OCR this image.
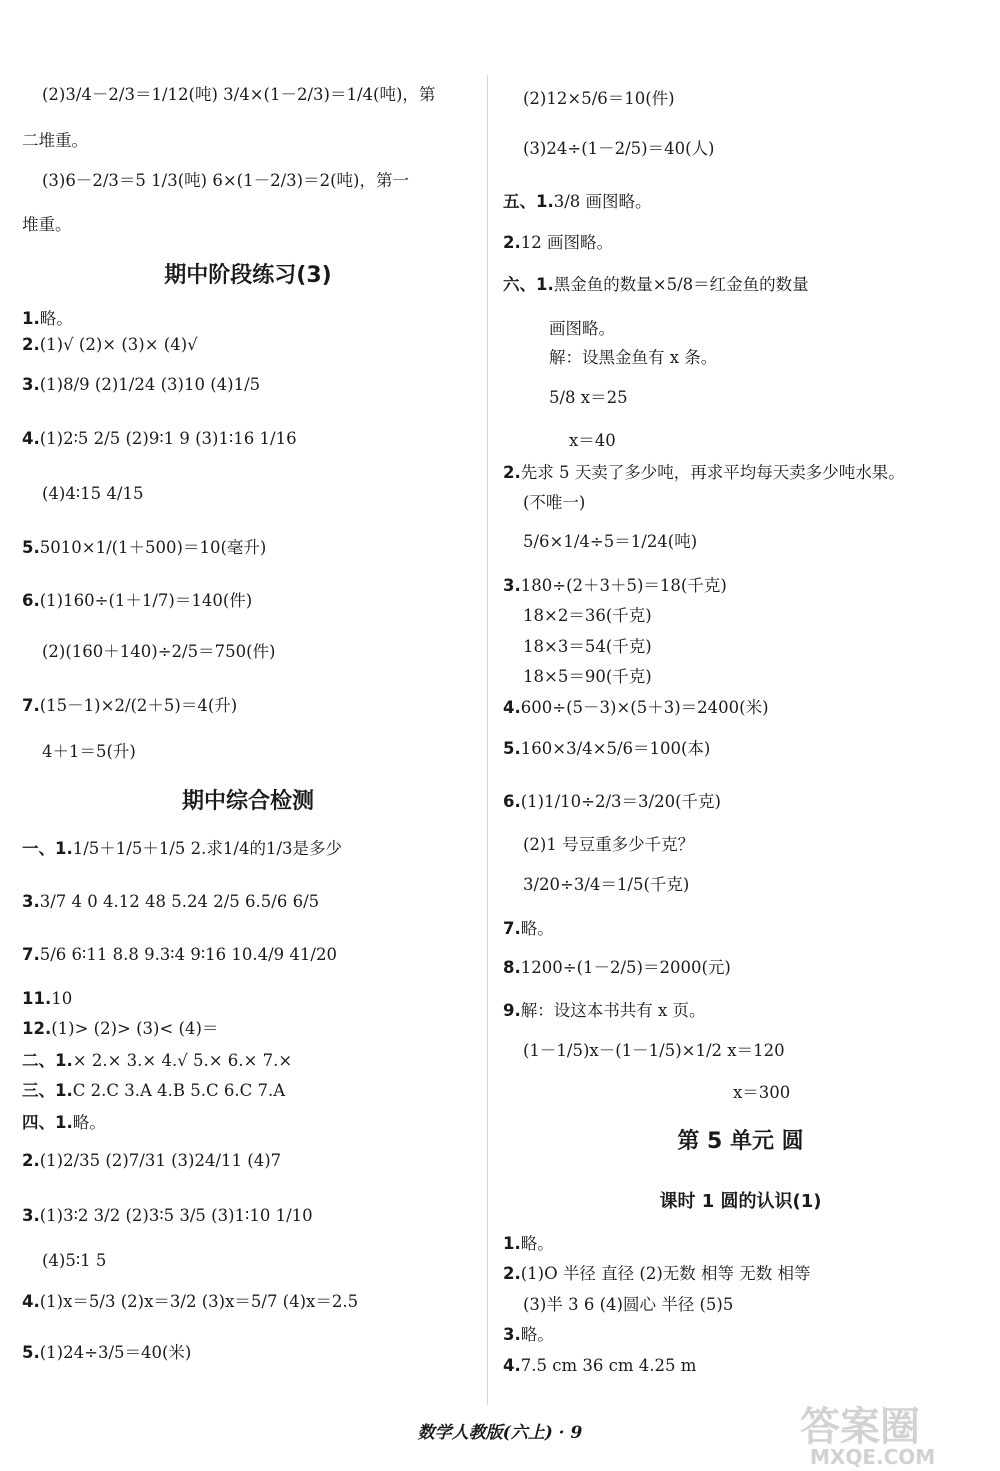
(2)3/4－2/3＝1/12(吨) 3/4×(1－2/3)＝1/4(吨)，第
二堆重。
(3)6－2/3＝5 1/3(吨) 6×(1－2/3)＝2(吨)，第一
堆重。
1.略。
2.(1)√ (2)× (3)× (4)√
3.(1)8/9 (2)1/24 (3)10 (4)1/5
4.(1)2∶5 2/5 (2)9∶1 9 (3)1∶16 1/16
(4)4∶15 4/15
5.5010×1/(1＋500)＝10(毫升)
6.(1)160÷(1＋1/7)＝140(件)
(2)(160＋140)÷2/5＝750(件)
7.(15－1)×2/(2＋5)＝4(升)
4＋1＝5(升)
一、1.1/5＋1/5＋1/5 2.求1/4的1/3是多少
3.3/7 4 0 4.12 48 5.24 2/5 6.5/6 6/5
7.5/6 6∶11 8.8 9.3∶4 9∶16 10.4/9 41/20
11.10
12.(1)> (2)> (3)< (4)＝
二、1.× 2.× 3.× 4.√ 5.× 6.× 7.×
三、1.C 2.C 3.A 4.B 5.C 6.C 7.A
四、1.略。
2.(1)2/35 (2)7/31 (3)24/11 (4)7
3.(1)3∶2 3/2 (2)3∶5 3/5 (3)1∶10 1/10
(4)5∶1 5
4.(1)x＝5/3 (2)x＝3/2 (3)x＝5/7 (4)x＝2.5
5.(1)24÷3/5＝40(米)
期中阶段练习(3)
期中综合检测
(2)12×5/6＝10(件)
(3)24÷(1－2/5)＝40(人)
五、1.3/8 画图略。
2.12 画图略。
六、1.黑金鱼的数量×5/8＝红金鱼的数量
画图略。
解：设黑金鱼有 x 条。
5/8 x＝25
x＝40
2.先求 5 天卖了多少吨，再求平均每天卖多少吨水果。
(不唯一)
5/6×1/4÷5＝1/24(吨)
3.180÷(2＋3＋5)＝18(千克)
18×2＝36(千克)
18×3＝54(千克)
18×5＝90(千克)
4.600÷(5－3)×(5＋3)＝2400(米)
5.160×3/4×5/6＝100(本)
6.(1)1/10÷2/3＝3/20(千克)
(2)1 号豆重多少千克？
3/20÷3/4＝1/5(千克)
7.略。
8.1200÷(1－2/5)＝2000(元)
9.解：设这本书共有 x 页。
(1－1/5)x－(1－1/5)×1/2 x＝120
x＝300
1.略。
2.(1)O 半径 直径 (2)无数 相等 无数 相等
(3)半 3 6 (4)圆心 半径 (5)5
3.略。
4.7.5 cm 36 cm 4.25 m
第 5 单元 圆
课时 1 圆的认识(1)
数学人教版(六上) · 9	答案圈
MXQE.COM
